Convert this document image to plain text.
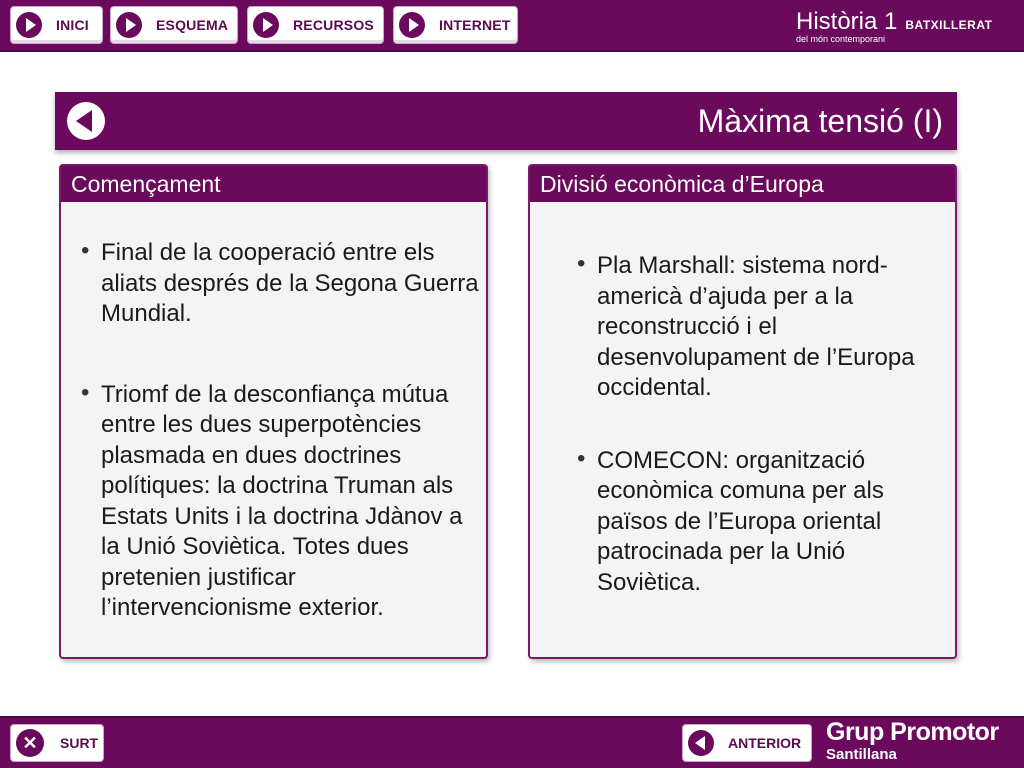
INICI	ESQUEMA	RECURSOS	INTERNET	Història 1 BATXILLERAT
del món contemporani
Màxima tensió (I)
Començament
• Final de la cooperació entre els aliats després de la Segona Guerra Mundial.
• Triomf de la desconfiança mútua entre les dues superpotències plasmada en dues doctrines polítiques: la doctrina Truman als Estats Units i la doctrina Jdànov a la Unió Soviètica. Totes dues pretenien justificar l’intervencionisme exterior.
Divisió econòmica d’Europa
• Pla Marshall: sistema nord-americà d’ajuda per a la reconstrucció i el desenvolupament de l’Europa occidental.
• COMECON: organització econòmica comuna per als països de l’Europa oriental patrocinada per la Unió Soviètica.
✕	SURT	ANTERIOR Grup Promotor
Santillana
